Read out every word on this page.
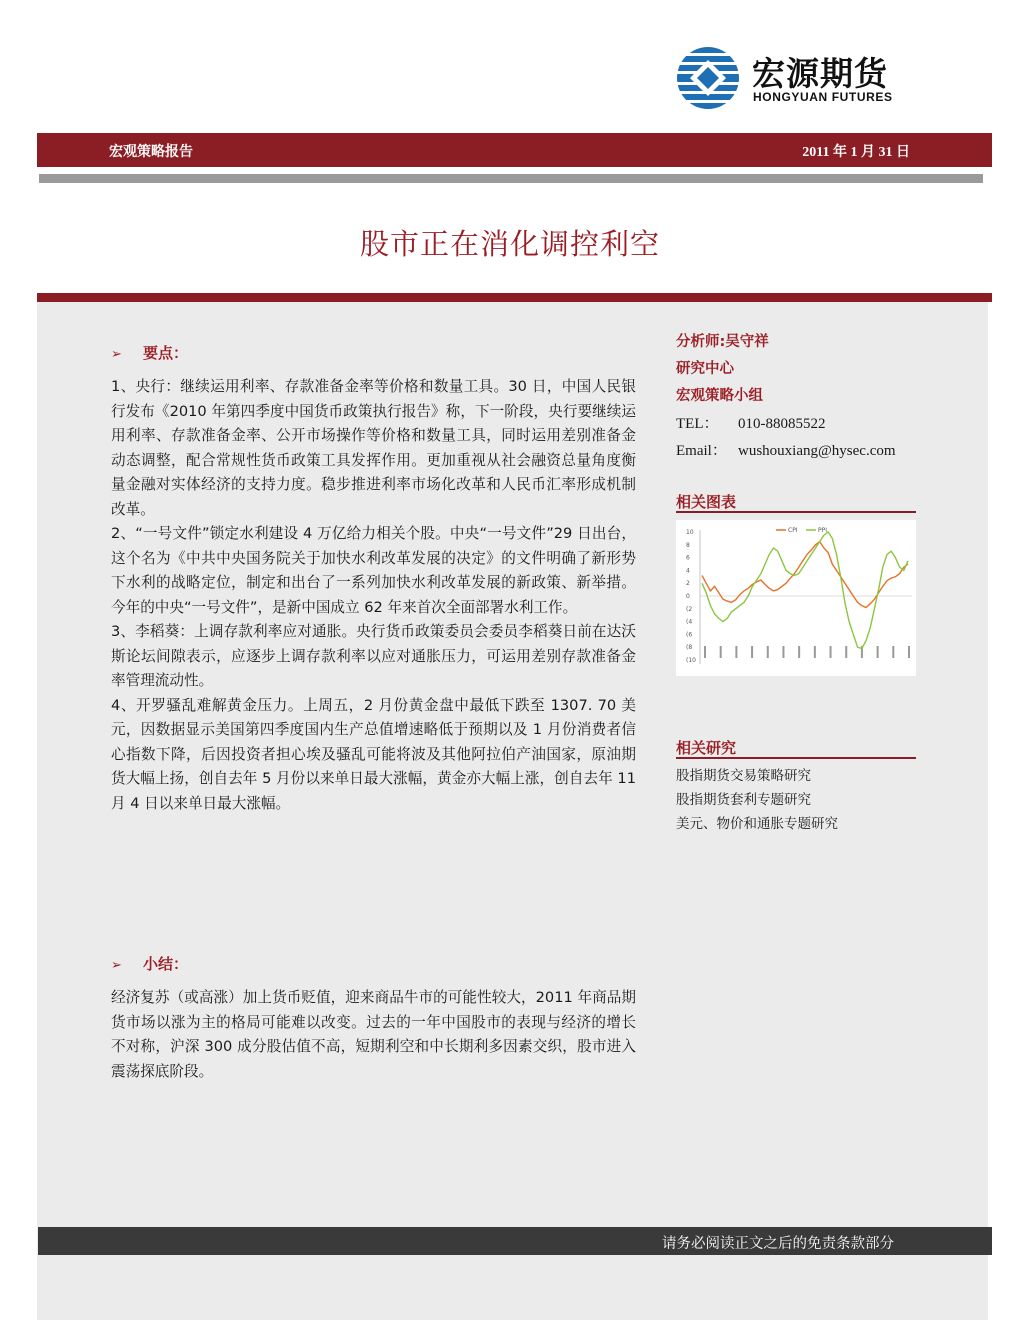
宏源期货
HONGYUAN FUTURES
宏观策略报告	2011 年 1 月 31 日
股市正在消化调控利空
➢ 要点：

1、央行：继续运用利率、存款准备金率等价格和数量工具。30 日，中国人民银行发布《2010 年第四季度中国货币政策执行报告》称，下一阶段，央行要继续运用利率、存款准备金率、公开市场操作等价格和数量工具，同时运用差别准备金动态调整，配合常规性货币政策工具发挥作用。更加重视从社会融资总量角度衡量金融对实体经济的支持力度。稳步推进利率市场化改革和人民币汇率形成机制改革。

2、“一号文件”锁定水利建设 4 万亿给力相关个股。中央“一号文件”29 日出台，这个名为《中共中央国务院关于加快水利改革发展的决定》的文件明确了新形势下水利的战略定位，制定和出台了一系列加快水利改革发展的新政策、新举措。今年的中央“一号文件”，是新中国成立 62 年来首次全面部署水利工作。

3、李稻葵：上调存款利率应对通胀。央行货币政策委员会委员李稻葵日前在达沃斯论坛间隙表示，应逐步上调存款利率以应对通胀压力，可运用差别存款准备金率管理流动性。

4、开罗骚乱难解黄金压力。上周五，2 月份黄金盘中最低下跌至 1307. 70 美元，因数据显示美国第四季度国内生产总值增速略低于预期以及 1 月份消费者信心指数下降，后因投资者担心埃及骚乱可能将波及其他阿拉伯产油国家，原油期货大幅上扬，创自去年 5 月份以来单日最大涨幅，黄金亦大幅上涨，创自去年 11 月 4 日以来单日最大涨幅。

➢ 小结：

经济复苏（或高涨）加上货币贬值，迎来商品牛市的可能性较大，2011 年商品期货市场以涨为主的格局可能难以改变。过去的一年中国股市的表现与经济的增长不对称，沪深 300 成分股估值不高，短期利空和中长期利多因素交织，股市进入震荡探底阶段。

分析师:吴守祥
研究中心
宏观策略小组
TEL： 010-88085522
Email： wushouxiang@hysec.com
相关图表
10
8
6
4
2
0
(2
(4
(6
(8
(10
CPI	PPI
相关研究
股指期货交易策略研究
股指期货套利专题研究
美元、物价和通胀专题研究
请务必阅读正文之后的免责条款部分
